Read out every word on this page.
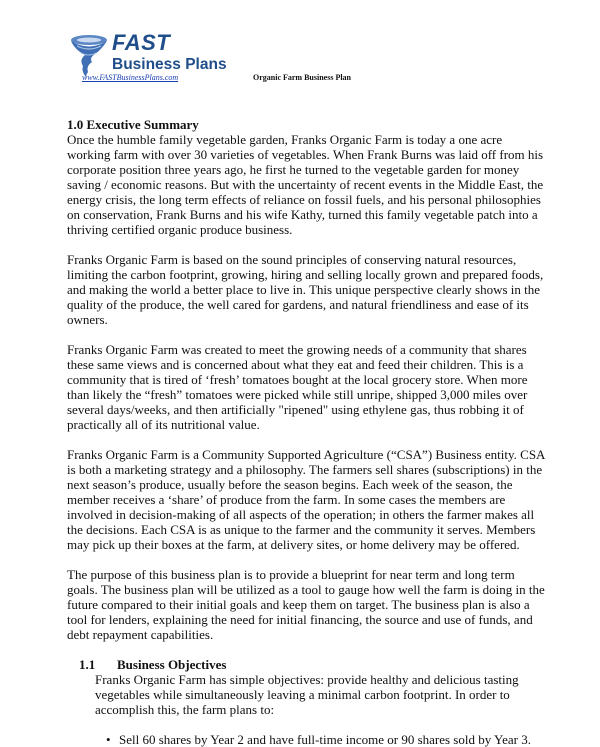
FAST
Business Plans
www.FASTBusinessPlans.com	Organic Farm Business Plan
1.0 Executive Summary

Once the humble family vegetable garden, Franks Organic Farm is today a one acre working farm with over 30 varieties of vegetables. When Frank Burns was laid off from his corporate position three years ago, he first he turned to the vegetable garden for money saving / economic reasons. But with the uncertainty of recent events in the Middle East, the energy crisis, the long term effects of reliance on fossil fuels, and his personal philosophies on conservation, Frank Burns and his wife Kathy, turned this family vegetable patch into a thriving certified organic produce business.

Franks Organic Farm is based on the sound principles of conserving natural resources, limiting the carbon footprint, growing, hiring and selling locally grown and prepared foods, and making the world a better place to live in. This unique perspective clearly shows in the quality of the produce, the well cared for gardens, and natural friendliness and ease of its owners.

Franks Organic Farm was created to meet the growing needs of a community that shares these same views and is concerned about what they eat and feed their children. This is a community that is tired of ‘fresh’ tomatoes bought at the local grocery store. When more than likely the “fresh” tomatoes were picked while still unripe, shipped 3,000 miles over several days/weeks, and then artificially "ripened" using ethylene gas, thus robbing it of practically all of its nutritional value.

Franks Organic Farm is a Community Supported Agriculture (“CSA”) Business entity. CSA is both a marketing strategy and a philosophy. The farmers sell shares (subscriptions) in the next season’s produce, usually before the season begins. Each week of the season, the member receives a ‘share’ of produce from the farm. In some cases the members are involved in decision-making of all aspects of the operation; in others the farmer makes all the decisions. Each CSA is as unique to the farmer and the community it serves. Members may pick up their boxes at the farm, at delivery sites, or home delivery may be offered.

The purpose of this business plan is to provide a blueprint for near term and long term goals. The business plan will be utilized as a tool to gauge how well the farm is doing in the future compared to their initial goals and keep them on target. The business plan is also a tool for lenders, explaining the need for initial financing, the source and use of funds, and debt repayment capabilities.

1.1 Business Objectives

Franks Organic Farm has simple objectives: provide healthy and delicious tasting vegetables while simultaneously leaving a minimal carbon footprint. In order to accomplish this, the farm plans to:

• Sell 60 shares by Year 2 and have full-time income or 90 shares sold by Year 3.
